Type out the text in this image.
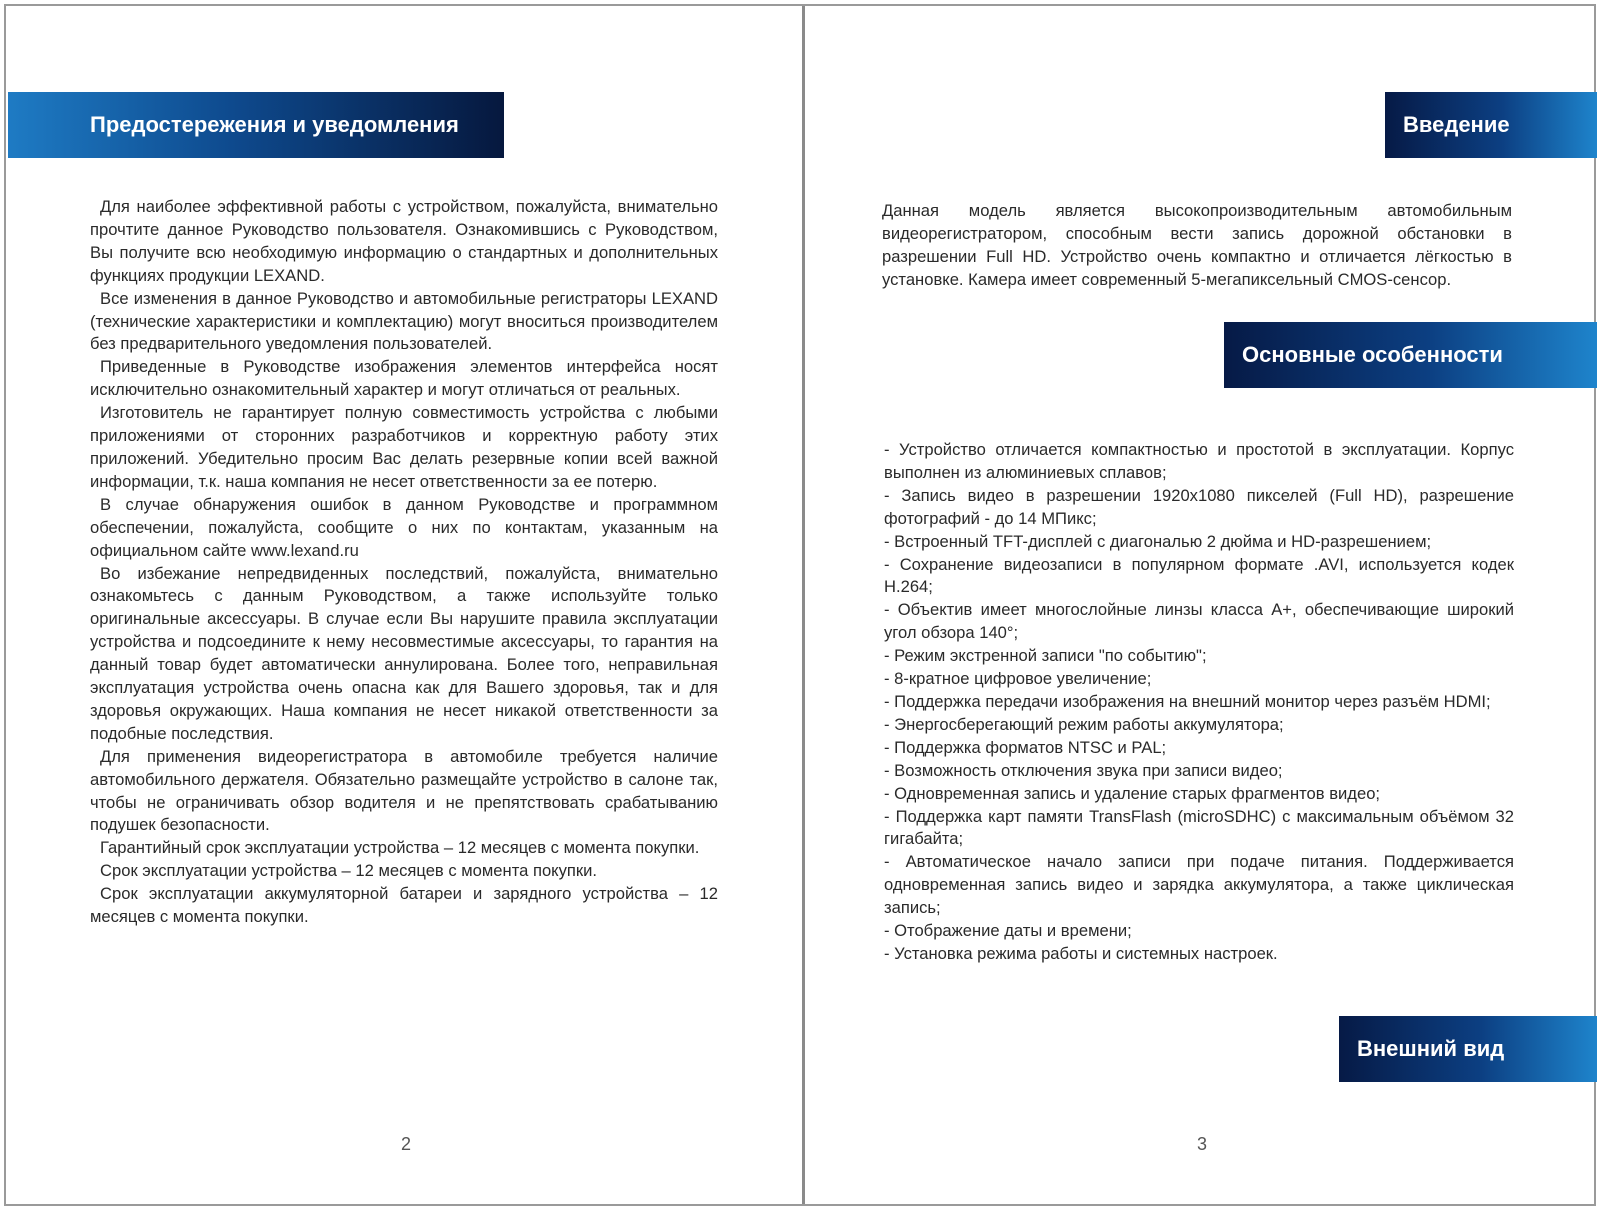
Предостережения и уведомления

Для наиболее эффективной работы с устройством, пожалуйста, внимательно прочтите данное Руководство пользователя. Ознакомившись с Руководством, Вы получите всю необходимую информацию о стандартных и дополнительных функциях продукции LEXAND.

Все изменения в данное Руководство и автомобильные регистраторы LEXAND (технические характеристики и комплектацию) могут вноситься производителем без предварительного уведомления пользователей.

Приведенные в Руководстве изображения элементов интерфейса носят исключительно ознакомительный характер и могут отличаться от реальных.

Изготовитель не гарантирует полную совместимость устройства с любыми приложениями от сторонних разработчиков и корректную работу этих приложений. Убедительно просим Вас делать резервные копии всей важной информации, т.к. наша компания не несет ответственности за ее потерю.

В случае обнаружения ошибок в данном Руководстве и программном обеспечении, пожалуйста, сообщите о них по контактам, указанным на официальном сайте www.lexand.ru

Во избежание непредвиденных последствий, пожалуйста, внимательно ознакомьтесь с данным Руководством, а также используйте только оригинальные аксессуары. В случае если Вы нарушите правила эксплуатации устройства и подсоедините к нему несовместимые аксессуары, то гарантия на данный товар будет автоматически аннулирована. Более того, неправильная эксплуатация устройства очень опасна как для Вашего здоровья, так и для здоровья окружающих. Наша компания не несет никакой ответственности за подобные последствия.

Для применения видеорегистратора в автомобиле требуется наличие автомобильного держателя. Обязательно размещайте устройство в салоне так, чтобы не ограничивать обзор водителя и не препятствовать срабатыванию подушек безопасности.

Гарантийный срок эксплуатации устройства – 12 месяцев с момента покупки.

Срок эксплуатации устройства – 12 месяцев с момента покупки.

Срок эксплуатации аккумуляторной батареи и зарядного устройства – 12 месяцев с момента покупки.

2
Введение
Данная модель является высокопроизводительным автомобильным видеорегистратором, способным вести запись дорожной обстановки в разрешении Full HD. Устройство очень компактно и отличается лёгкостью в установке. Камера имеет современный 5-мегапиксельный CMOS-сенсор.
Основные особенности

- Устройство отличается компактностью и простотой в эксплуатации. Корпус выполнен из алюминиевых сплавов;

- Запись видео в разрешении 1920x1080 пикселей (Full HD), разрешение фотографий - до 14 МПикс;

- Встроенный TFT-дисплей с диагональю 2 дюйма и HD-разрешением;

- Сохранение видеозаписи в популярном формате .AVI, используется кодек H.264;

- Объектив имеет многослойные линзы класса A+, обеспечивающие широкий угол обзора 140°;

- Режим экстренной записи "по событию";

- 8-кратное цифровое увеличение;

- Поддержка передачи изображения на внешний монитор через разъём HDMI;

- Энергосберегающий режим работы аккумулятора;

- Поддержка форматов NTSC и PAL;

- Возможность отключения звука при записи видео;

- Одновременная запись и удаление старых фрагментов видео;

- Поддержка карт памяти TransFlash (microSDHC) с максимальным объёмом 32 гигабайта;

- Автоматическое начало записи при подаче питания. Поддерживается одновременная запись видео и зарядка аккумулятора, а также циклическая запись;

- Отображение даты и времени;

- Установка режима работы и системных настроек.

Внешний вид
3
